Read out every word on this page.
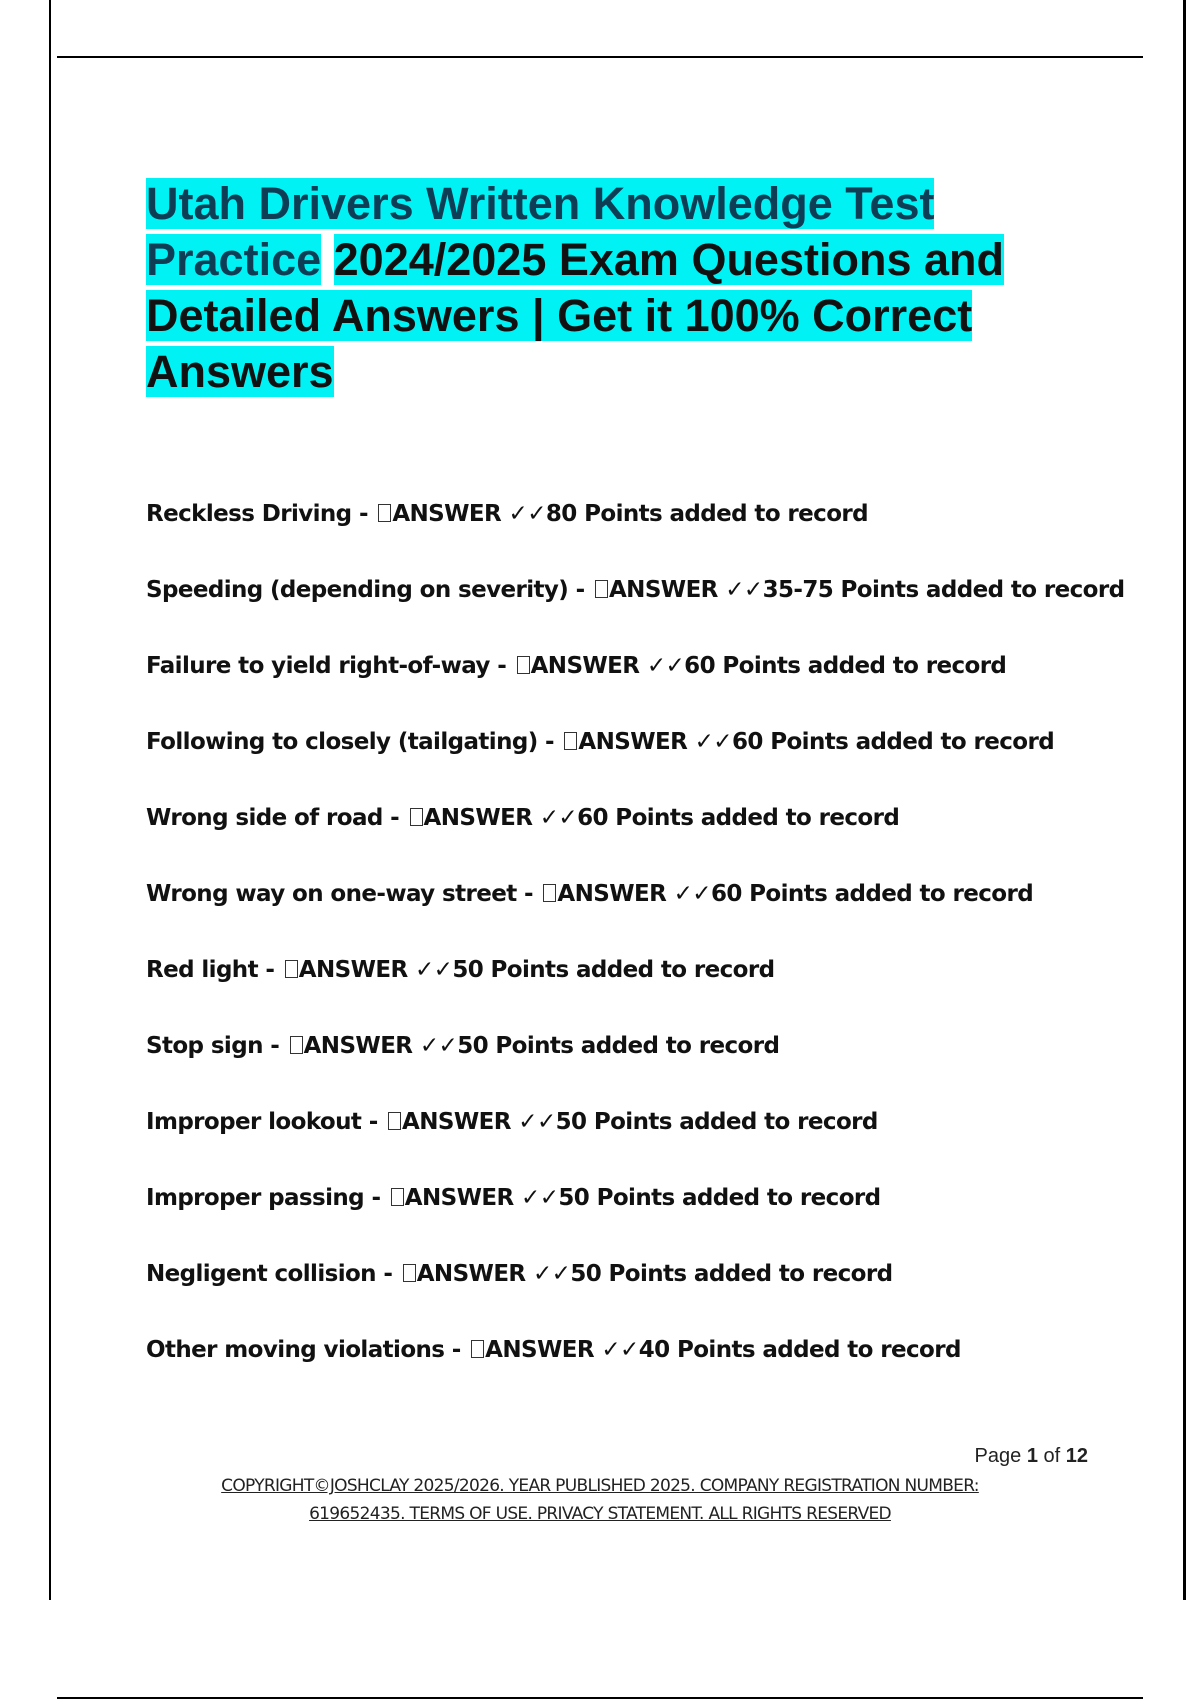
Utah Drivers Written Knowledge Test Practice 2024/2025 Exam Questions and Detailed Answers | Get it 100% Correct Answers
Reckless Driving - ANSWER ✓✓80 Points added to record
Speeding (depending on severity) - ANSWER ✓✓35-75 Points added to record
Failure to yield right-of-way - ANSWER ✓✓60 Points added to record
Following to closely (tailgating) - ANSWER ✓✓60 Points added to record
Wrong side of road - ANSWER ✓✓60 Points added to record
Wrong way on one-way street - ANSWER ✓✓60 Points added to record
Red light - ANSWER ✓✓50 Points added to record
Stop sign - ANSWER ✓✓50 Points added to record
Improper lookout - ANSWER ✓✓50 Points added to record
Improper passing - ANSWER ✓✓50 Points added to record
Negligent collision - ANSWER ✓✓50 Points added to record
Other moving violations - ANSWER ✓✓40 Points added to record
Page 1 of 12
COPYRIGHT©JOSHCLAY 2025/2026. YEAR PUBLISHED 2025. COMPANY REGISTRATION NUMBER:
619652435. TERMS OF USE. PRIVACY STATEMENT. ALL RIGHTS RESERVED
